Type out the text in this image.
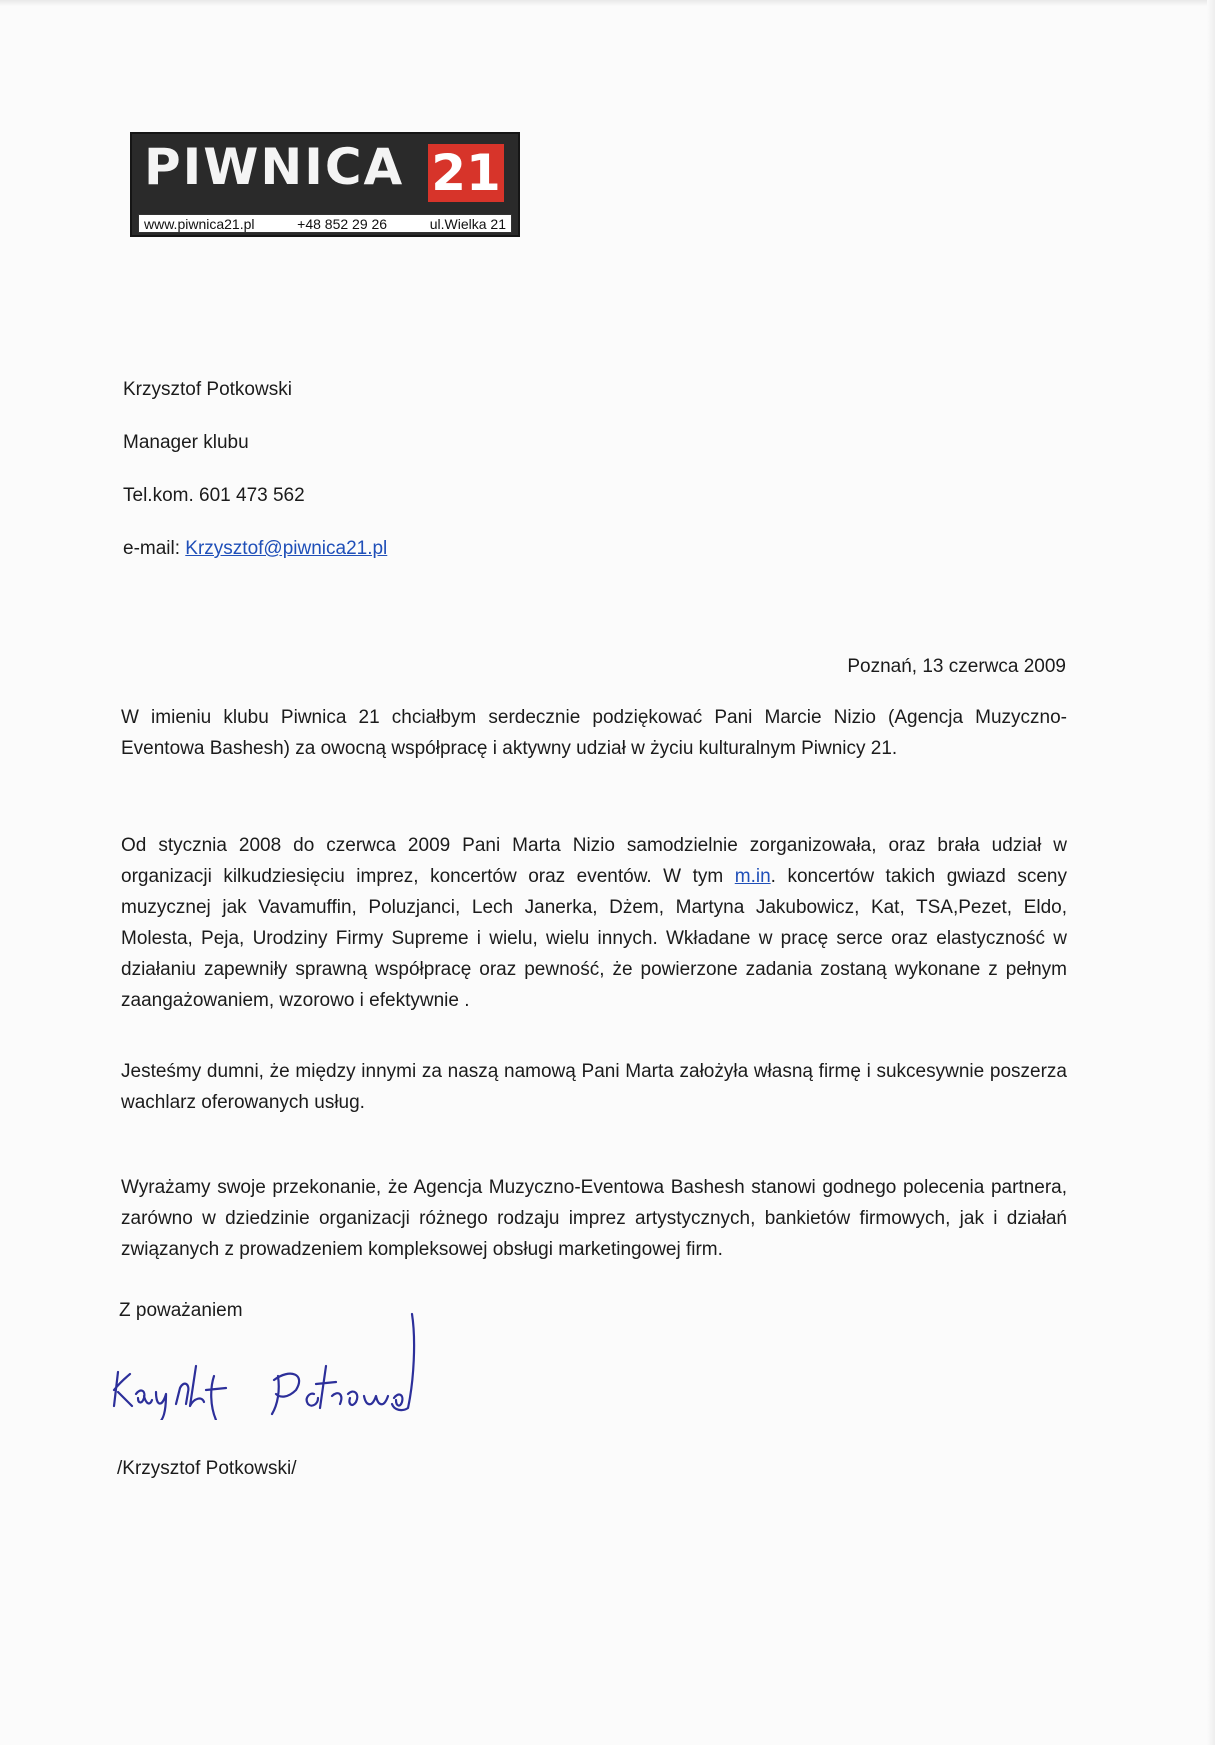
PIWNICA 21
www.piwnica21.pl	+48 852 29 26	ul.Wielka 21
Krzysztof Potkowski
Manager klubu
Tel.kom. 601 473 562
e-mail: Krzysztof@piwnica21.pl
Poznań, 13 czerwca 2009
W imieniu klubu Piwnica 21 chciałbym serdecznie podziękować Pani Marcie Nizio (Agencja Muzyczno-Eventowa Bashesh) za owocną współpracę i aktywny udział w życiu kulturalnym Piwnicy 21.
Od stycznia 2008 do czerwca 2009 Pani Marta Nizio samodzielnie zorganizowała, oraz brała udział w organizacji kilkudziesięciu imprez, koncertów oraz eventów. W tym m.in. koncertów takich gwiazd sceny muzycznej jak Vavamuffin, Poluzjanci, Lech Janerka, Dżem, Martyna Jakubowicz, Kat, TSA,Pezet, Eldo, Molesta, Peja, Urodziny Firmy Supreme i wielu, wielu innych. Wkładane w pracę serce oraz elastyczność w działaniu zapewniły sprawną współpracę oraz pewność, że powierzone zadania zostaną wykonane z pełnym zaangażowaniem, wzorowo i efektywnie .
Jesteśmy dumni, że między innymi za naszą namową Pani Marta założyła własną firmę i sukcesywnie poszerza wachlarz oferowanych usług.
Wyrażamy swoje przekonanie, że Agencja Muzyczno-Eventowa Bashesh stanowi godnego polecenia partnera, zarówno w dziedzinie organizacji różnego rodzaju imprez artystycznych, bankietów firmowych, jak i działań związanych z prowadzeniem kompleksowej obsługi marketingowej firm.
Z poważaniem
/Krzysztof Potkowski/
